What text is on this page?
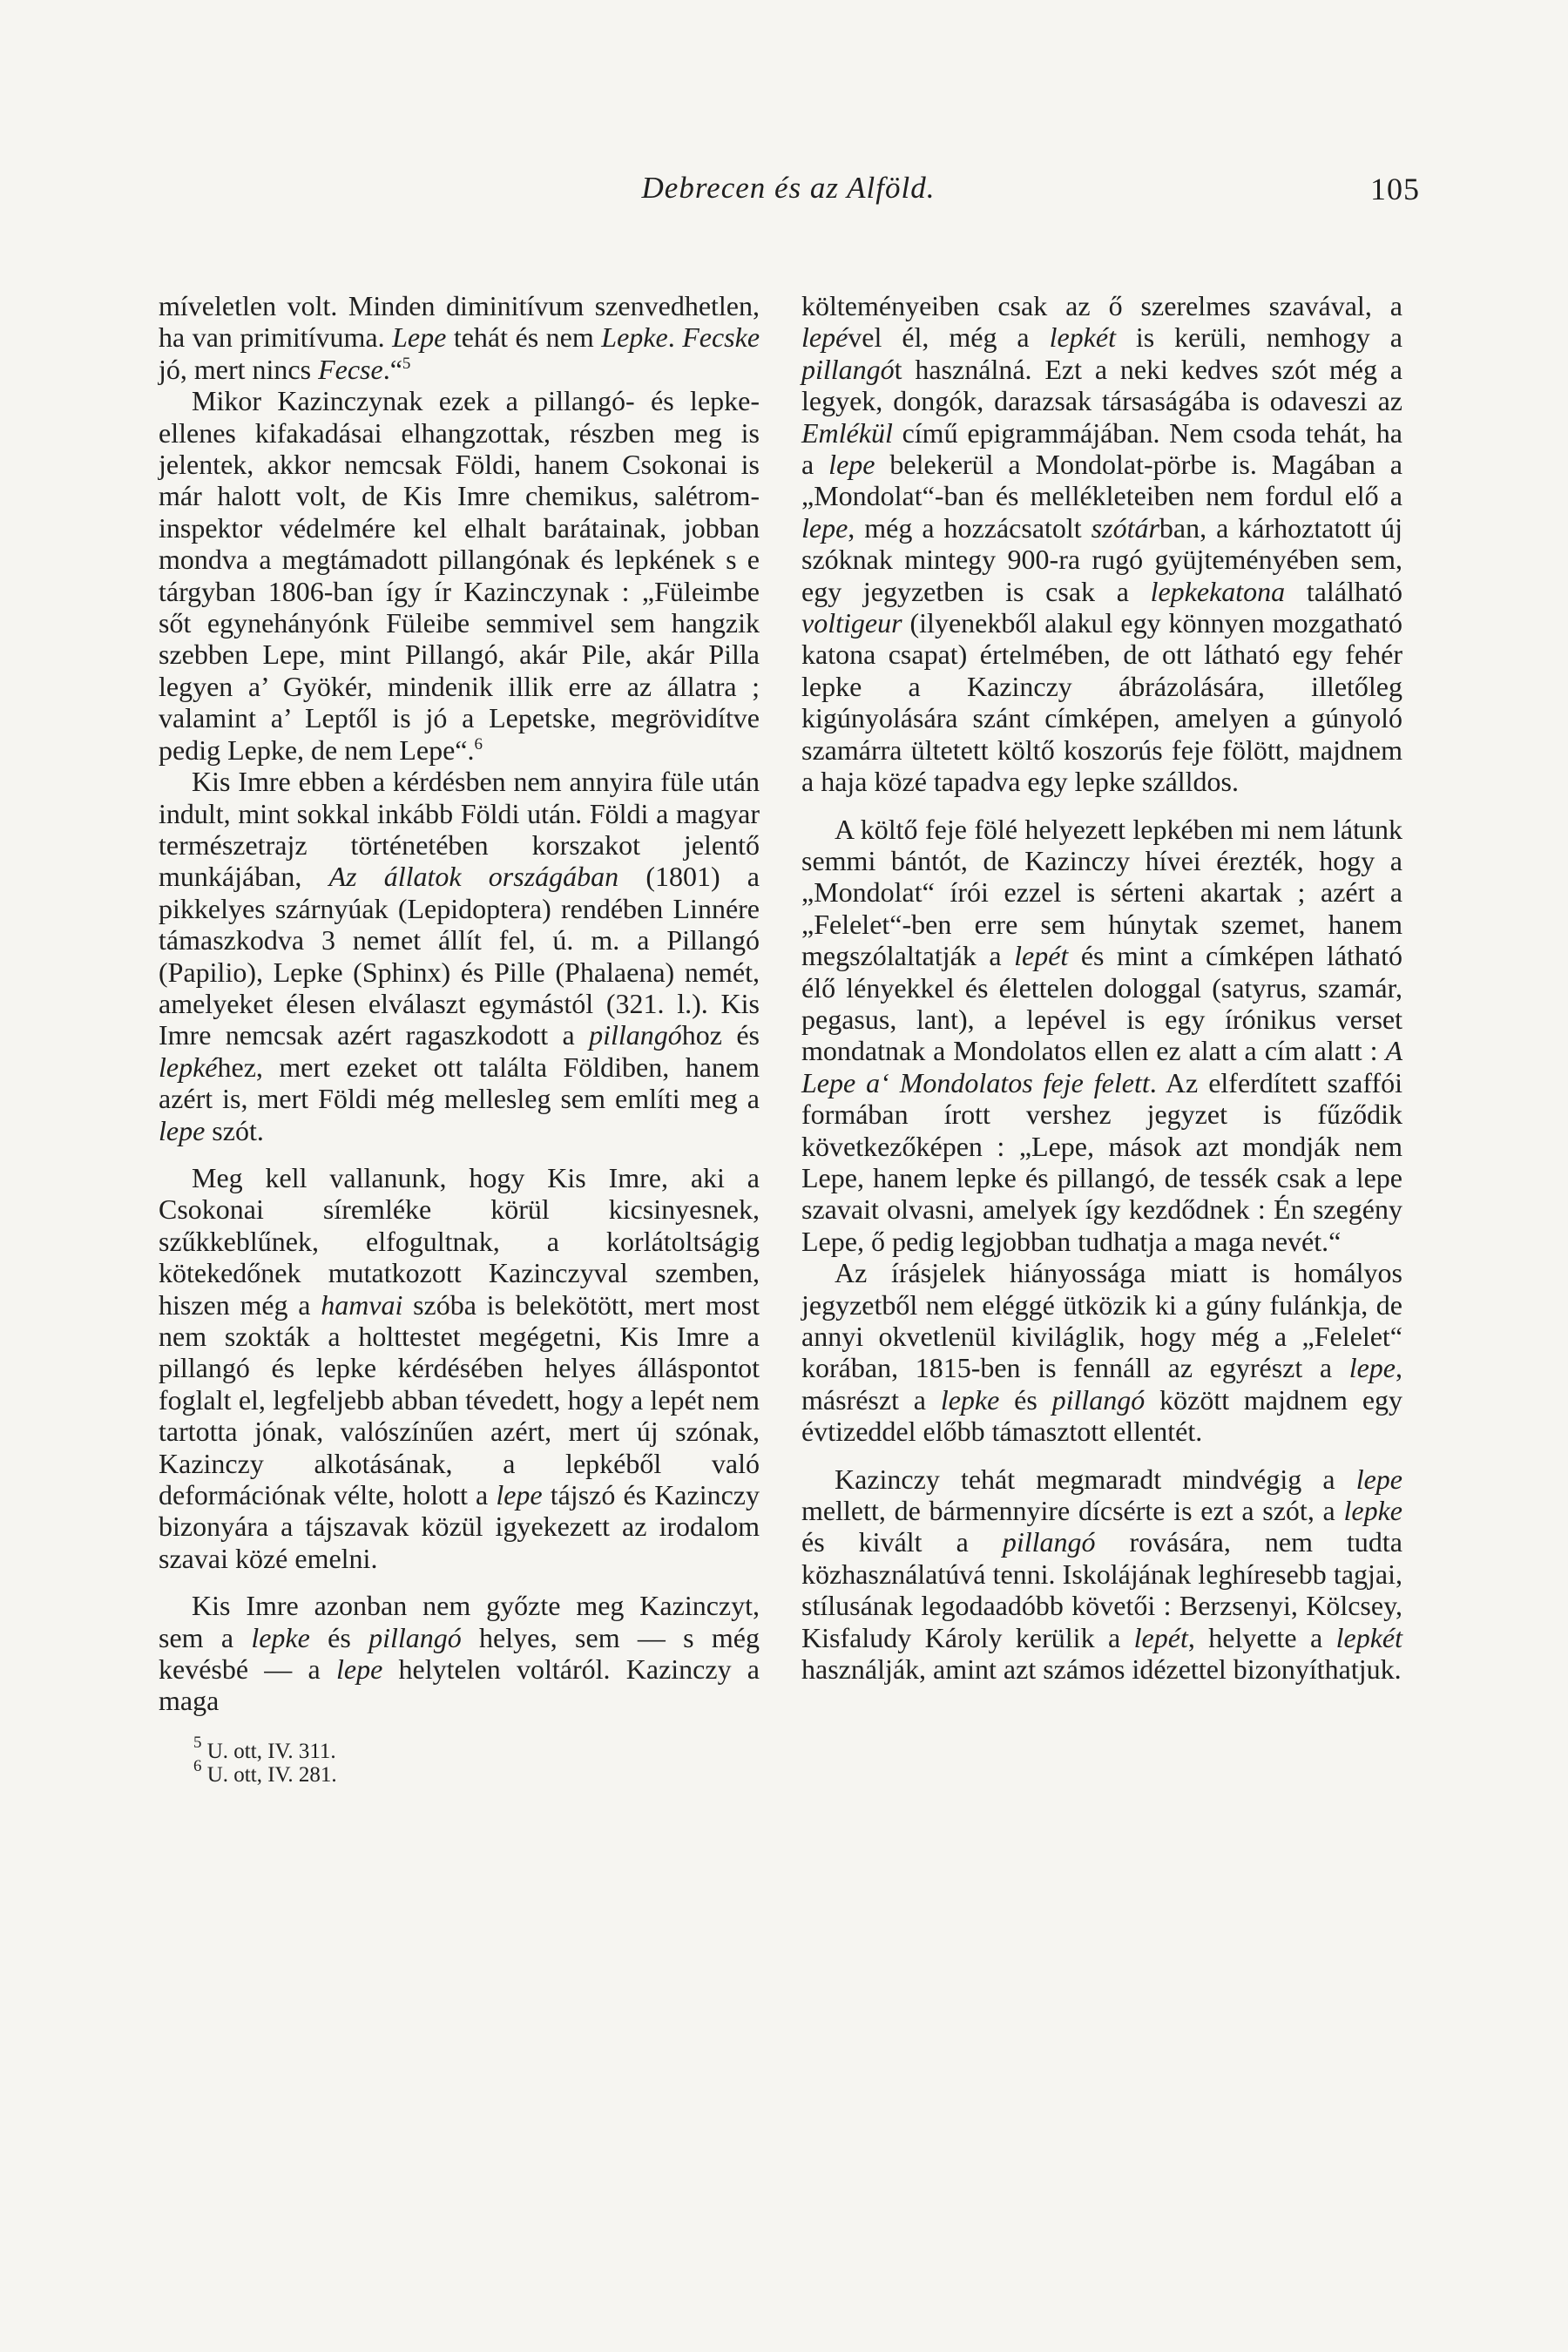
Debrecen és az Alföld.	105

míveletlen volt. Minden diminitívum szenvedhetlen, ha van primitívuma. Lepe tehát és nem Lepke. Fecske jó, mert nincs Fecse.“$^5$

Mikor Kazinczynak ezek a pillangó- és lepke-ellenes kifakadásai elhangzottak, részben meg is jelentek, akkor nemcsak Földi, hanem Csokonai is már halott volt, de Kis Imre chemikus, salétrom-inspektor védelmére kel elhalt barátainak, jobban mondva a megtámadott pillangónak és lepkének s e tárgyban 1806-ban így ír Kazinczynak : „Füleimbe sőt egynehányónk Füleibe semmivel sem hangzik szebben Lepe, mint Pillangó, akár Pile, akár Pilla legyen a’ Gyökér, mindenik illik erre az állatra ; valamint a’ Leptől is jó a Lepetske, megrövidítve pedig Lepke, de nem Lepe“.$^6$

Kis Imre ebben a kérdésben nem annyira füle után indult, mint sokkal inkább Földi után. Földi a magyar természetrajz történetében korszakot jelentő munkájában, Az állatok országában (1801) a pikkelyes szárnyúak (Lepidoptera) rendében Linnére támaszkodva 3 nemet állít fel, ú. m. a Pillangó (Papilio), Lepke (Sphinx) és Pille (Phalaena) nemét, amelyeket élesen elválaszt egymástól (321. l.). Kis Imre nemcsak azért ragaszkodott a pillangóhoz és lepkéhez, mert ezeket ott találta Földiben, hanem azért is, mert Földi még mellesleg sem említi meg a lepe szót.

Meg kell vallanunk, hogy Kis Imre, aki a Csokonai síremléke körül kicsinyesnek, szűkkeblűnek, elfogultnak, a korlátoltságig kötekedőnek mutatkozott Kazinczyval szemben, hiszen még a hamvai szóba is belekötött, mert most nem szokták a holttestet megégetni, Kis Imre a pillangó és lepke kérdésében helyes álláspontot foglalt el, legfeljebb abban tévedett, hogy a lepét nem tartotta jónak, valószínűen azért, mert új szónak, Kazinczy alkotásának, a lepkéből való deformációnak vélte, holott a lepe tájszó és Kazinczy bizonyára a tájszavak közül igyekezett az irodalom szavai közé emelni.

Kis Imre azonban nem győzte meg Kazinczyt, sem a lepke és pillangó helyes, sem — s még kevésbé — a lepe helytelen voltáról. Kazinczy a maga

$^5$ U. ott, IV. 311.
$^6$ U. ott, IV. 281.

költeményeiben csak az ő szerelmes szavával, a lepével él, még a lepkét is kerüli, nemhogy a pillangót használná. Ezt a neki kedves szót még a legyek, dongók, darazsak társaságába is odaveszi az Emlékül című epigrammájában. Nem csoda tehát, ha a lepe belekerül a Mondolat-pörbe is. Magában a „Mondolat“-ban és mellékleteiben nem fordul elő a lepe, még a hozzácsatolt szótárban, a kárhoztatott új szóknak mintegy 900-ra rugó gyüjteményében sem, egy jegyzetben is csak a lepkekatona található voltigeur (ilyenekből alakul egy könnyen mozgatható katona csapat) értelmében, de ott látható egy fehér lepke a Kazinczy ábrázolására, illetőleg kigúnyolására szánt címképen, amelyen a gúnyoló szamárra ültetett költő koszorús feje fölött, majdnem a haja közé tapadva egy lepke szálldos.

A költő feje fölé helyezett lepkében mi nem látunk semmi bántót, de Kazinczy hívei érezték, hogy a „Mondolat“ írói ezzel is sérteni akartak ; azért a „Felelet“-ben erre sem húnytak szemet, hanem megszólaltatják a lepét és mint a címképen látható élő lényekkel és élettelen dologgal (satyrus, szamár, pegasus, lant), a lepével is egy írónikus verset mondatnak a Mondolatos ellen ez alatt a cím alatt : A Lepe a‘ Mondolatos feje felett. Az elferdített szaffói formában írott vershez jegyzet is fűződik következőképen : „Lepe, mások azt mondják nem Lepe, hanem lepke és pillangó, de tessék csak a lepe szavait olvasni, amelyek így kezdődnek : Én szegény Lepe, ő pedig legjobban tudhatja a maga nevét.“

Az írásjelek hiányossága miatt is homályos jegyzetből nem eléggé ütközik ki a gúny fulánkja, de annyi okvetlenül kiviláglik, hogy még a „Felelet“ korában, 1815-ben is fennáll az egyrészt a lepe, másrészt a lepke és pillangó között majdnem egy évtizeddel előbb támasztott ellentét.

Kazinczy tehát megmaradt mindvégig a lepe mellett, de bármennyire dícsérte is ezt a szót, a lepke és kivált a pillangó rovására, nem tudta közhasználatúvá tenni. Iskolájának leghíresebb tagjai, stílusának legodaadóbb követői : Berzsenyi, Kölcsey, Kisfaludy Károly kerülik a lepét, helyette a lepkét használják, amint azt számos idézettel bizonyíthatjuk.
